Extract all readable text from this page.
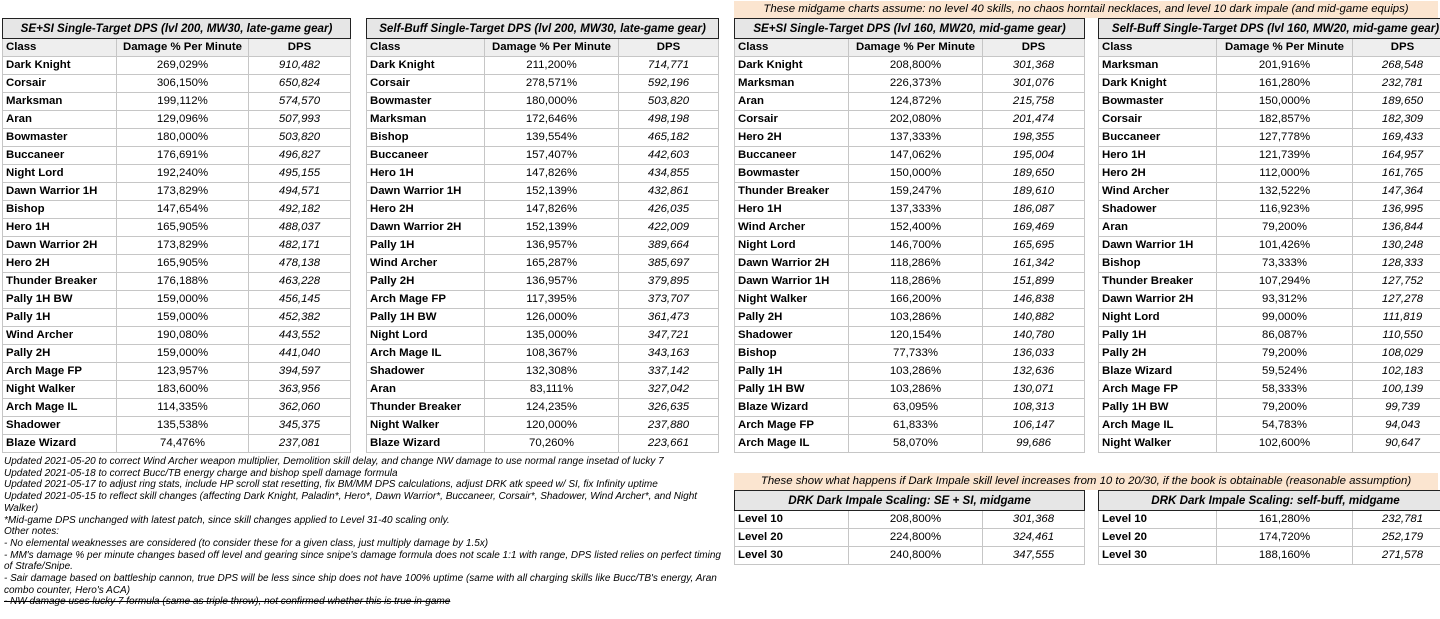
These midgame charts assume: no level 40 skills, no chaos horntail necklaces, and level 10 dark impale (and mid-game equips)
These show what happens if Dark Impale skill level increases from 10 to 20/30, if the book is obtainable (reasonable assumption)
SE+SI Single-Target DPS (lvl 200, MW30, late-game gear)		
Class	Damage % Per Minute	DPS
Dark Knight	269,029%	910,482
Corsair	306,150%	650,824
Marksman	199,112%	574,570
Aran	129,096%	507,993
Bowmaster	180,000%	503,820
Buccaneer	176,691%	496,827
Night Lord	192,240%	495,155
Dawn Warrior 1H	173,829%	494,571
Bishop	147,654%	492,182
Hero 1H	165,905%	488,037
Dawn Warrior 2H	173,829%	482,171
Hero 2H	165,905%	478,138
Thunder Breaker	176,188%	463,228
Pally 1H BW	159,000%	456,145
Pally 1H	159,000%	452,382
Wind Archer	190,080%	443,552
Pally 2H	159,000%	441,040
Arch Mage FP	123,957%	394,597
Night Walker	183,600%	363,956
Arch Mage IL	114,335%	362,060
Shadower	135,538%	345,375
Blaze Wizard	74,476%	237,081
Self-Buff Single-Target DPS (lvl 200, MW30, late-game gear)		
Class	Damage % Per Minute	DPS
Dark Knight	211,200%	714,771
Corsair	278,571%	592,196
Bowmaster	180,000%	503,820
Marksman	172,646%	498,198
Bishop	139,554%	465,182
Buccaneer	157,407%	442,603
Hero 1H	147,826%	434,855
Dawn Warrior 1H	152,139%	432,861
Hero 2H	147,826%	426,035
Dawn Warrior 2H	152,139%	422,009
Pally 1H	136,957%	389,664
Wind Archer	165,287%	385,697
Pally 2H	136,957%	379,895
Arch Mage FP	117,395%	373,707
Pally 1H BW	126,000%	361,473
Night Lord	135,000%	347,721
Arch Mage IL	108,367%	343,163
Shadower	132,308%	337,142
Aran	83,111%	327,042
Thunder Breaker	124,235%	326,635
Night Walker	120,000%	237,880
Blaze Wizard	70,260%	223,661
SE+SI Single-Target DPS (lvl 160, MW20, mid-game gear)		
Class	Damage % Per Minute	DPS
Dark Knight	208,800%	301,368
Marksman	226,373%	301,076
Aran	124,872%	215,758
Corsair	202,080%	201,474
Hero 2H	137,333%	198,355
Buccaneer	147,062%	195,004
Bowmaster	150,000%	189,650
Thunder Breaker	159,247%	189,610
Hero 1H	137,333%	186,087
Wind Archer	152,400%	169,469
Night Lord	146,700%	165,695
Dawn Warrior 2H	118,286%	161,342
Dawn Warrior 1H	118,286%	151,899
Night Walker	166,200%	146,838
Pally 2H	103,286%	140,882
Shadower	120,154%	140,780
Bishop	77,733%	136,033
Pally 1H	103,286%	132,636
Pally 1H BW	103,286%	130,071
Blaze Wizard	63,095%	108,313
Arch Mage FP	61,833%	106,147
Arch Mage IL	58,070%	99,686
Self-Buff Single-Target DPS (lvl 160, MW20, mid-game gear)		
Class	Damage % Per Minute	DPS
Marksman	201,916%	268,548
Dark Knight	161,280%	232,781
Bowmaster	150,000%	189,650
Corsair	182,857%	182,309
Buccaneer	127,778%	169,433
Hero 1H	121,739%	164,957
Hero 2H	112,000%	161,765
Wind Archer	132,522%	147,364
Shadower	116,923%	136,995
Aran	79,200%	136,844
Dawn Warrior 1H	101,426%	130,248
Bishop	73,333%	128,333
Thunder Breaker	107,294%	127,752
Dawn Warrior 2H	93,312%	127,278
Night Lord	99,000%	111,819
Pally 1H	86,087%	110,550
Pally 2H	79,200%	108,029
Blaze Wizard	59,524%	102,183
Arch Mage FP	58,333%	100,139
Pally 1H BW	79,200%	99,739
Arch Mage IL	54,783%	94,043
Night Walker	102,600%	90,647
DRK Dark Impale Scaling: SE + SI, midgame		
Level 10	208,800%	301,368
Level 20	224,800%	324,461
Level 30	240,800%	347,555
DRK Dark Impale Scaling: self-buff, midgame		
Level 10	161,280%	232,781
Level 20	174,720%	252,179
Level 30	188,160%	271,578
Updated 2021-05-20 to correct Wind Archer weapon multiplier, Demolition skill delay, and change NW damage to use normal range insetad of lucky 7
Updated 2021-05-18 to correct Bucc/TB energy charge and bishop spell damage formula
Updated 2021-05-17 to adjust ring stats, include HP scroll stat resetting, fix BM/MM DPS calculations, adjust DRK atk speed w/ SI, fix Infinity uptime
Updated 2021-05-15 to reflect skill changes (affecting Dark Knight, Paladin*, Hero*, Dawn Warrior*, Buccaneer, Corsair*, Shadower, Wind Archer*, and Night Walker)
*Mid-game DPS unchanged with latest patch, since skill changes applied to Level 31-40 scaling only.
Other notes:
- No elemental weaknesses are considered (to consider these for a given class, just multiply damage by 1.5x)
- MM's damage % per minute changes based off level and gearing since snipe's damage formula does not scale 1:1 with range, DPS listed relies on perfect timing of Strafe/Snipe.
- Sair damage based on battleship cannon, true DPS will be less since ship does not have 100% uptime (same with all charging skills like Bucc/TB's energy, Aran combo counter, Hero's ACA)
- NW damage uses lucky 7 formula (same as triple throw), not confirmed whether this is true in-game
